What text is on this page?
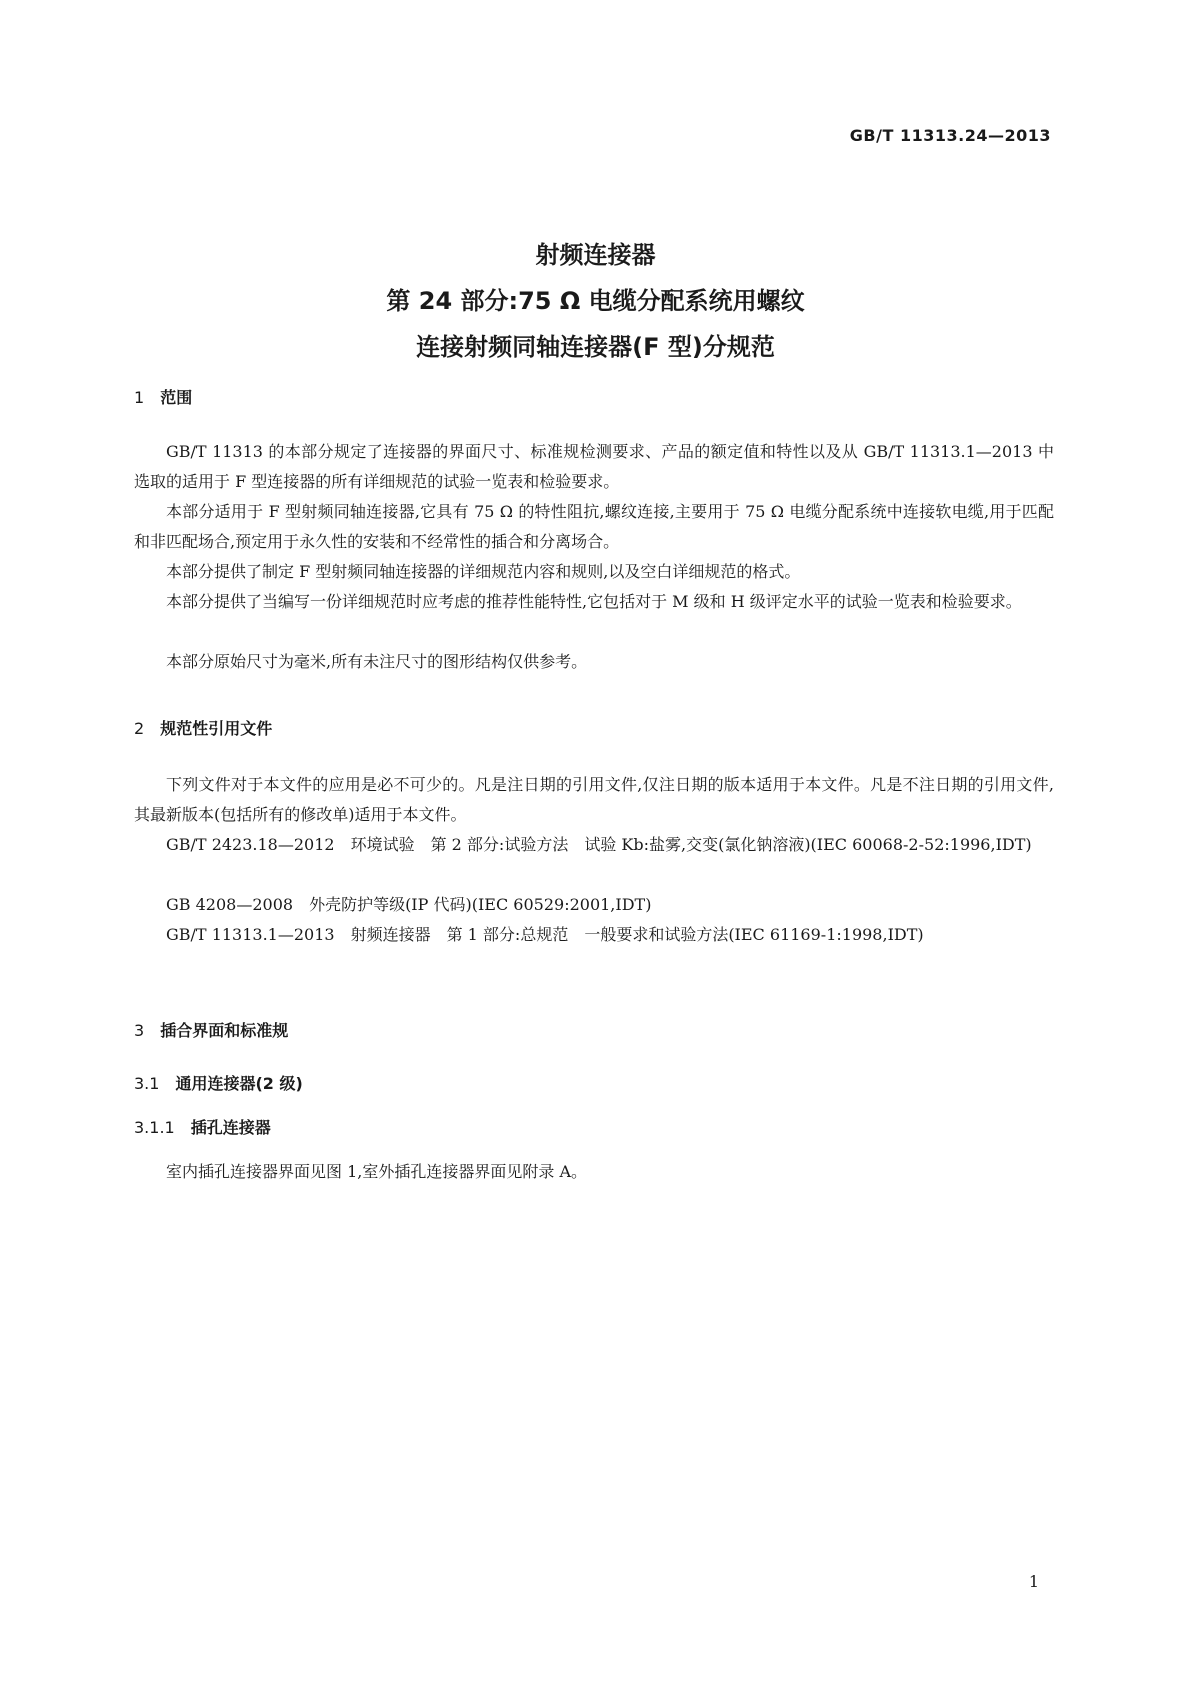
GB/T 11313.24—2013
射频连接器
第 24 部分:75 Ω 电缆分配系统用螺纹
连接射频同轴连接器(F 型)分规范
1 范围
GB/T 11313 的本部分规定了连接器的界面尺寸、标准规检测要求、产品的额定值和特性以及从 GB/T 11313.1—2013 中选取的适用于 F 型连接器的所有详细规范的试验一览表和检验要求。
本部分适用于 F 型射频同轴连接器,它具有 75 Ω 的特性阻抗,螺纹连接,主要用于 75 Ω 电缆分配系统中连接软电缆,用于匹配和非匹配场合,预定用于永久性的安装和不经常性的插合和分离场合。
本部分提供了制定 F 型射频同轴连接器的详细规范内容和规则,以及空白详细规范的格式。
本部分提供了当编写一份详细规范时应考虑的推荐性能特性,它包括对于 M 级和 H 级评定水平的试验一览表和检验要求。
本部分原始尺寸为毫米,所有未注尺寸的图形结构仅供参考。
2 规范性引用文件
下列文件对于本文件的应用是必不可少的。凡是注日期的引用文件,仅注日期的版本适用于本文件。凡是不注日期的引用文件,其最新版本(包括所有的修改单)适用于本文件。
GB/T 2423.18—2012　环境试验　第 2 部分:试验方法　试验 Kb:盐雾,交变(氯化钠溶液)(IEC 60068-2-52:1996,IDT)
GB 4208—2008　外壳防护等级(IP 代码)(IEC 60529:2001,IDT)
GB/T 11313.1—2013　射频连接器　第 1 部分:总规范　一般要求和试验方法(IEC 61169-1:1998,IDT)
3 插合界面和标准规
3.1 通用连接器(2 级)
3.1.1 插孔连接器
室内插孔连接器界面见图 1,室外插孔连接器界面见附录 A。
1
